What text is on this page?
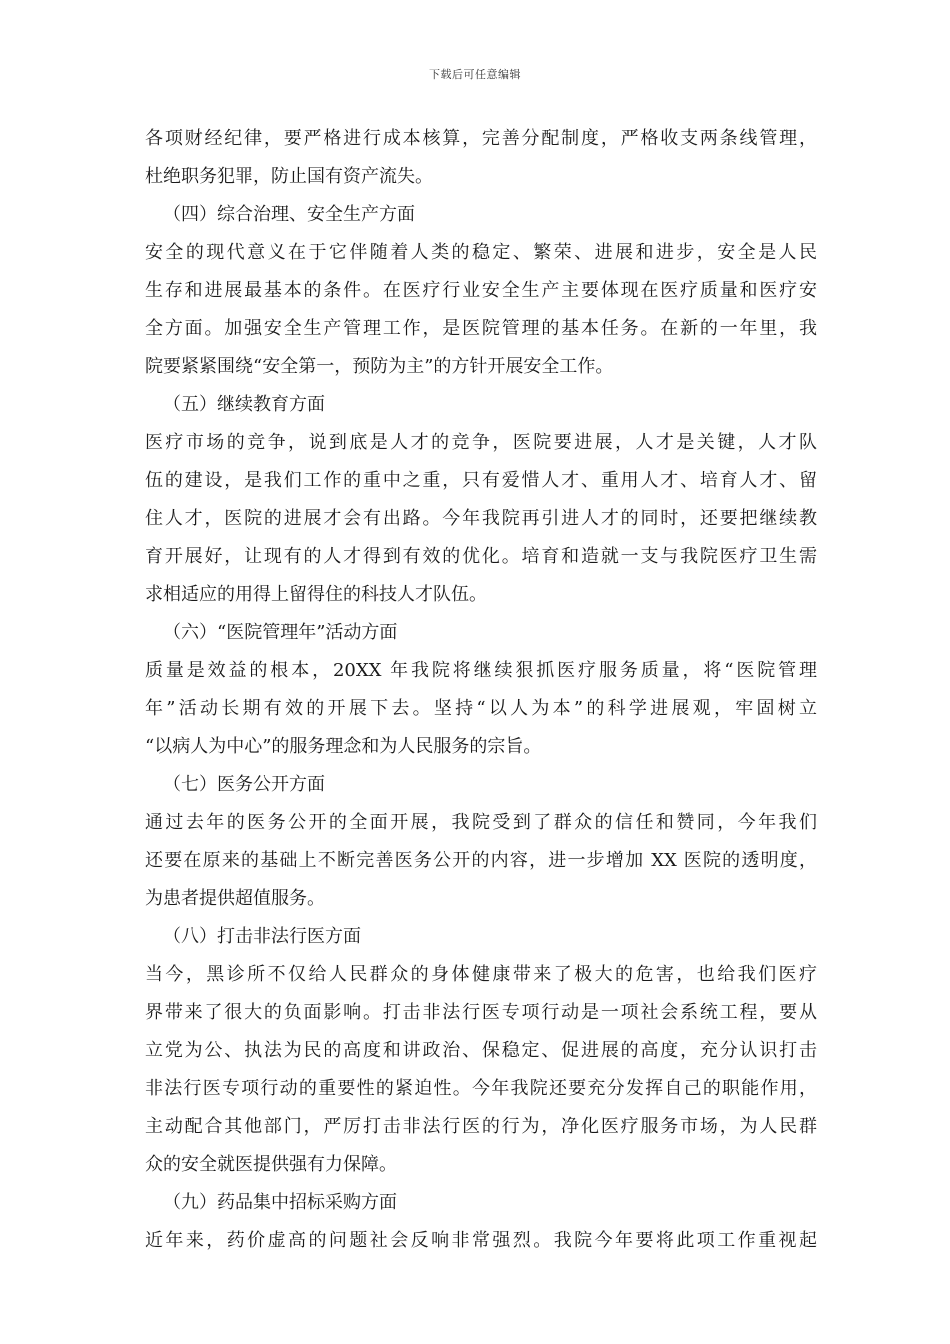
下载后可任意编辑
各项财经纪律，要严格进行成本核算，完善分配制度，严格收支两条线管理，
杜绝职务犯罪，防止国有资产流失。
（四）综合治理、安全生产方面
安全的现代意义在于它伴随着人类的稳定、繁荣、进展和进步，安全是人民
生存和进展最基本的条件。在医疗行业安全生产主要体现在医疗质量和医疗安
全方面。加强安全生产管理工作，是医院管理的基本任务。在新的一年里，我
院要紧紧围绕“安全第一，预防为主”的方针开展安全工作。
（五）继续教育方面
医疗市场的竞争，说到底是人才的竞争，医院要进展，人才是关键，人才队
伍的建设，是我们工作的重中之重，只有爱惜人才、重用人才、培育人才、留
住人才，医院的进展才会有出路。今年我院再引进人才的同时，还要把继续教
育开展好，让现有的人才得到有效的优化。培育和造就一支与我院医疗卫生需
求相适应的用得上留得住的科技人才队伍。
（六）“医院管理年”活动方面
质量是效益的根本，20XX 年我院将继续狠抓医疗服务质量，将“医院管理
年”活动长期有效的开展下去。坚持“以人为本”的科学进展观，牢固树立
“以病人为中心”的服务理念和为人民服务的宗旨。
（七）医务公开方面
通过去年的医务公开的全面开展，我院受到了群众的信任和赞同，今年我们
还要在原来的基础上不断完善医务公开的内容，进一步增加 XX 医院的透明度，
为患者提供超值服务。
（八）打击非法行医方面
当今，黑诊所不仅给人民群众的身体健康带来了极大的危害，也给我们医疗
界带来了很大的负面影响。打击非法行医专项行动是一项社会系统工程，要从
立党为公、执法为民的高度和讲政治、保稳定、促进展的高度，充分认识打击
非法行医专项行动的重要性的紧迫性。今年我院还要充分发挥自己的职能作用，
主动配合其他部门，严厉打击非法行医的行为，净化医疗服务市场，为人民群
众的安全就医提供强有力保障。
（九）药品集中招标采购方面
近年来，药价虚高的问题社会反响非常强烈。我院今年要将此项工作重视起
